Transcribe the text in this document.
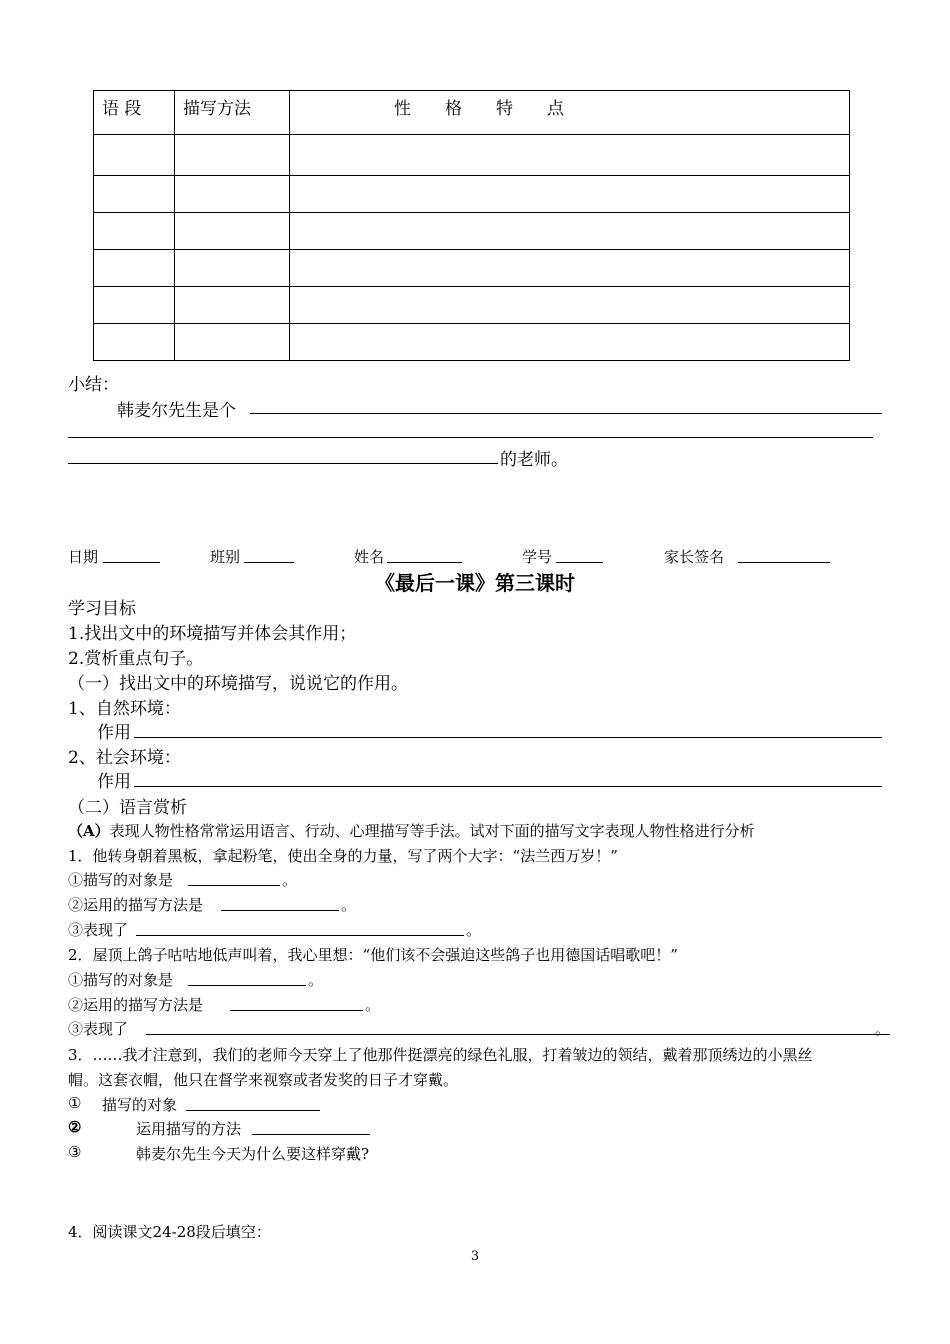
语 段	描写方法	性　　格　　特　　点

小结：
韩麦尔先生是个
的老师。
日期	班别	姓名	学号	家长签名
《最后一课》第三课时
学习目标
1.找出文中的环境描写并体会其作用；
2.赏析重点句子。
（一）找出文中的环境描写，说说它的作用。
1、自然环境：
作用
2、社会环境：
作用
（二）语言赏析
（A）表现人物性格常常运用语言、行动、心理描写等手法。试对下面的描写文字表现人物性格进行分析
1．他转身朝着黑板，拿起粉笔，使出全身的力量，写了两个大字：“法兰西万岁！”
①描写的对象是	。
②运用的描写方法是	。
③表现了	。
2．屋顶上鸽子咕咕地低声叫着，我心里想：“他们该不会强迫这些鸽子也用德国话唱歌吧！”
①描写的对象是	。
②运用的描写方法是	。
③表现了	。
3．……我才注意到，我们的老师今天穿上了他那件挺漂亮的绿色礼服，打着皱边的领结，戴着那顶绣边的小黑丝
帽。这套衣帽，他只在督学来视察或者发奖的日子才穿戴。
① 描写的对象
②	运用描写的方法
③	韩麦尔先生今天为什么要这样穿戴?
4．阅读课文24-28段后填空：
3
